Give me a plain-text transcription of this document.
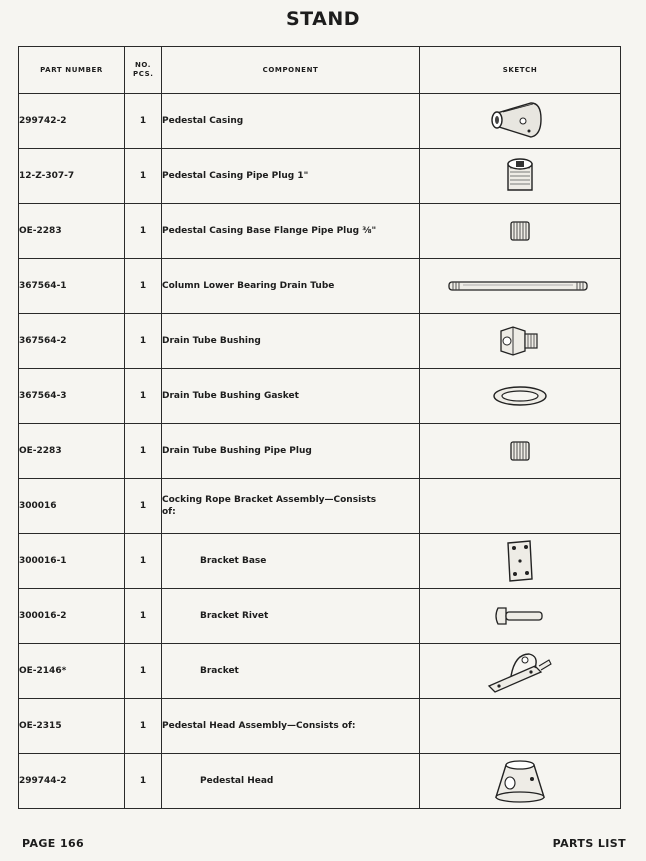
STAND
PART NUMBER	NO. PCS.	COMPONENT	SKETCH
299742-2	1	Pedestal Casing	

12-Z-307-7	1	Pedestal Casing Pipe Plug 1"	

OE-2283	1	Pedestal Casing Base Flange Pipe Plug ⅜"	

367564-1	1	Column Lower Bearing Drain Tube	

367564-2	1	Drain Tube Bushing	

367564-3	1	Drain Tube Bushing Gasket	

OE-2283	1	Drain Tube Bushing Pipe Plug	

300016	1	Cocking Rope Bracket Assembly—Consists of:	
300016-1	1	Bracket Base	

300016-2	1	Bracket Rivet	

OE-2146*	1	Bracket	

OE-2315	1	Pedestal Head Assembly—Consists of:	
299744-2	1	Pedestal Head	
PAGE 166	PARTS LIST
